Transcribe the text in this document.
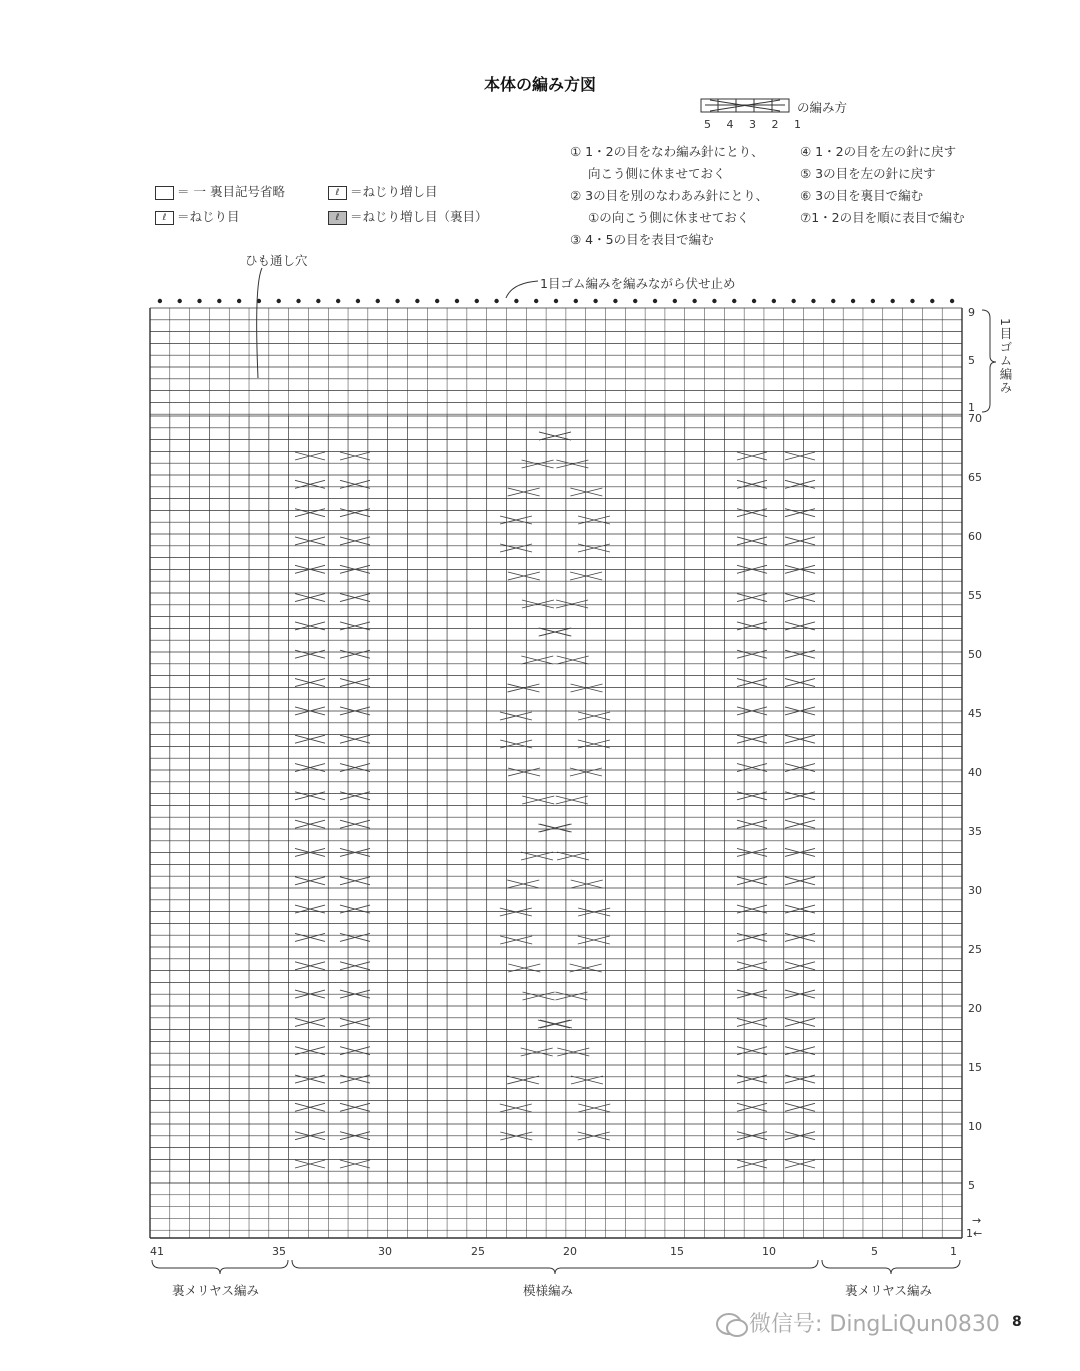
本体の編み方図
の編み方
5 4 3 2 1
① 1・2の目をなわ編み針にとり、
向こう側に休ませておく
② 3の目を別のなわあみ針にとり、
①の向こう側に休ませておく
③ 4・5の目を表目で編む
④ 1・2の目を左の針に戻す
⑤ 3の目を左の針に戻す
⑥ 3の目を裏目で編む
⑦1・2の目を順に表目で編む
＝ 一 裏目記号省略
ℓ ＝ねじり目
ℓ ＝ねじり増し目
ℓ ＝ねじり増し目（裏目）
ひも通し穴
1目ゴム編みを編みながら伏せ止め
1目ゴム編み
9
5
1
70
65
60
55
50
45
40
35
30
25
20
15
10
5
→
1←
41	35	30	25	20	15	10	5	1
裏メリヤス編み	模様編み	裏メリヤス編み
微信号: DingLiQun0830 8
